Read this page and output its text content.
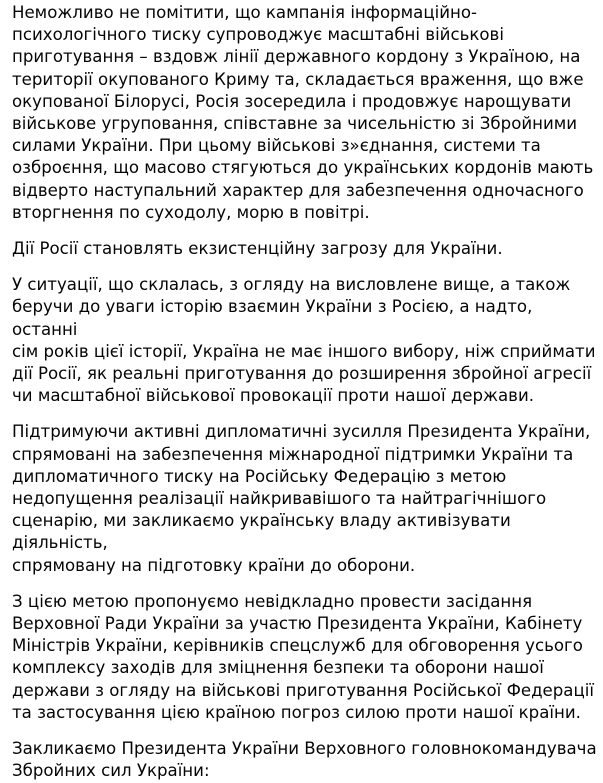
Неможливо не помітити, що кампанія інформаційно-
психологічного тиску супроводжує масштабні військові
приготування – вздовж лінії державного кордону з Україною, на
території окупованого Криму та, складається враження, що вже
окупованої Білорусі, Росія зосередила і продовжує нарощувати
військове угруповання, співставне за чисельністю зі Збройними
силами України. При цьому військові з»єднання, системи та
озброєння, що масово стягуються до українських кордонів мають
відверто наступальний характер для забезпечення одночасного
вторгнення по суходолу, морю в повітрі.

Дії Росії становлять екзистенційну загрозу для України.

У ситуації, що склалась, з огляду на висловлене вище, а також
беручи до уваги історію взаємин України з Росією, а надто, останні
сім років цієї історії, Україна не має іншого вибору, ніж сприймати
дії Росії, як реальні приготування до розширення збройної агресії
чи масштабної військової провокації проти нашої держави.

Підтримуючи активні дипломатичні зусилля Президента України,
спрямовані на забезпечення міжнародної підтримки України та
дипломатичного тиску на Російську Федерацію з метою
недопущення реалізації найкривавішого та найтрагічнішого
сценарію, ми закликаємо українську владу активізувати діяльність,
спрямовану на підготовку країни до оборони.

З цією метою пропонуємо невідкладно провести засідання
Верховної Ради України за участю Президента України, Кабінету
Міністрів України, керівників спецслужб для обговорення усього
комплексу заходів для зміцнення безпеки та оборони нашої
держави з огляду на військові приготування Російської Федерації
та застосування цією країною погроз силою проти нашої країни.

Закликаємо Президента України Верховного головнокомандувача
Збройних сил України:
